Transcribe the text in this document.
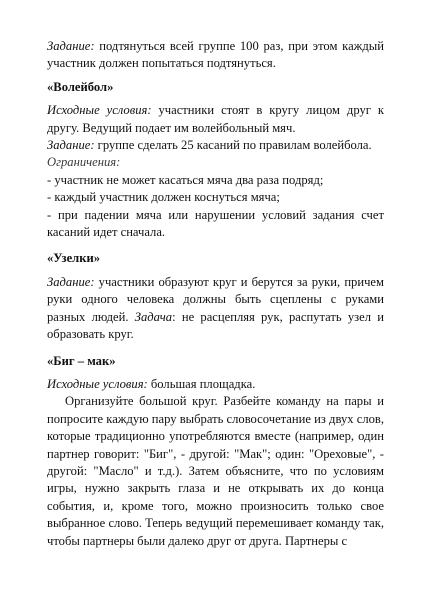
Задание: подтянуться всей группе 100 раз, при этом каждый участник должен попытаться подтянуться.

«Волейбол»

Исходные условия: участники стоят в кругу лицом друг к другу. Ведущий подает им волейбольный мяч.

Задание: группе сделать 25 касаний по правилам волейбола.

Ограничения:

- участник не может касаться мяча два раза подряд;

- каждый участник должен коснуться мяча;

- при падении мяча или нарушении условий задания счет касаний идет сначала.

«Узелки»

Задание: участники образуют круг и берутся за руки, причем руки одного человека должны быть сцеплены с руками разных людей. Задача: не расцепляя рук, распутать узел и образовать круг.

«Биг – мак»

Исходные условия: большая площадка.

Организуйте большой круг. Разбейте команду на пары и попросите каждую пару выбрать словосочетание из двух слов, которые традиционно употребляются вместе (например, один партнер говорит: "Биг", - другой: "Мак"; один: "Ореховые", - другой: "Масло" и т.д.). Затем объясните, что по условиям игры, нужно закрыть глаза и не открывать их до конца события, и, кроме того, можно произносить только свое выбранное слово. Теперь ведущий перемешивает команду так, чтобы партнеры были далеко друг от друга. Партнеры с
